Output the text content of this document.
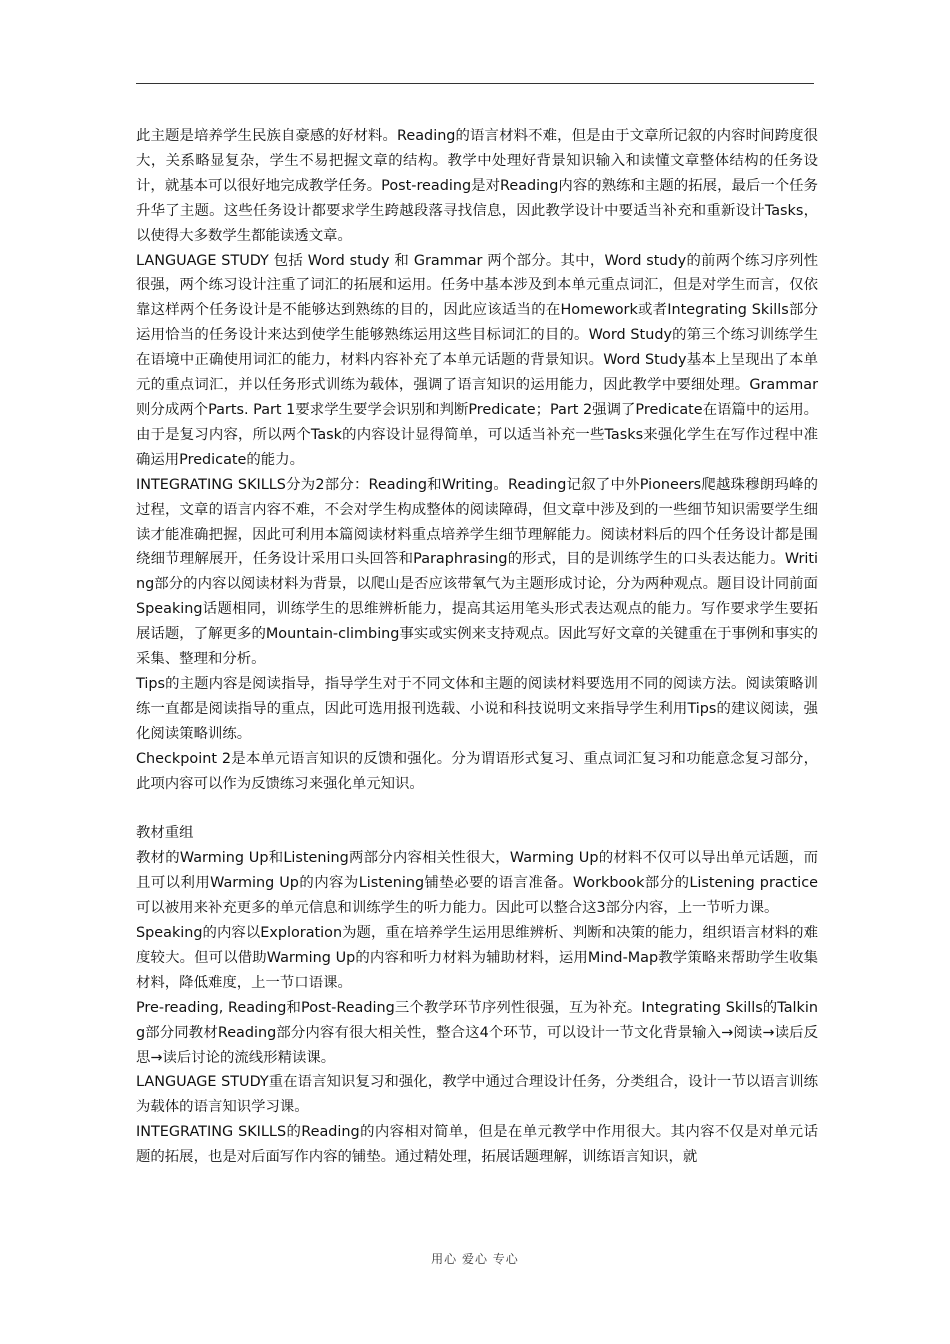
此主题是培养学生民族自豪感的好材料。Reading的语言材料不难，但是由于文章所记叙的内容时间跨度很大，关系略显复杂，学生不易把握文章的结构。教学中处理好背景知识输入和读懂文章整体结构的任务设计，就基本可以很好地完成教学任务。Post-reading是对Reading内容的熟练和主题的拓展，最后一个任务升华了主题。这些任务设计都要求学生跨越段落寻找信息，因此教学设计中要适当补充和重新设计Tasks，以使得大多数学生都能读透文章。

LANGUAGE STUDY 包括 Word study 和 Grammar 两个部分。其中，Word study的前两个练习序列性很强，两个练习设计注重了词汇的拓展和运用。任务中基本涉及到本单元重点词汇，但是对学生而言，仅依靠这样两个任务设计是不能够达到熟练的目的，因此应该适当的在Homework或者Integrating Skills部分运用恰当的任务设计来达到使学生能够熟练运用这些目标词汇的目的。Word Study的第三个练习训练学生在语境中正确使用词汇的能力，材料内容补充了本单元话题的背景知识。Word Study基本上呈现出了本单元的重点词汇，并以任务形式训练为载体，强调了语言知识的运用能力，因此教学中要细处理。Grammar则分成两个Parts. Part 1要求学生要学会识别和判断Predicate；Part 2强调了Predicate在语篇中的运用。由于是复习内容，所以两个Task的内容设计显得简单，可以适当补充一些Tasks来强化学生在写作过程中准确运用Predicate的能力。

INTEGRATING SKILLS分为2部分：Reading和Writing。Reading记叙了中外Pioneers爬越珠穆朗玛峰的过程，文章的语言内容不难，不会对学生构成整体的阅读障碍，但文章中涉及到的一些细节知识需要学生细读才能准确把握，因此可利用本篇阅读材料重点培养学生细节理解能力。阅读材料后的四个任务设计都是围绕细节理解展开，任务设计采用口头回答和Paraphrasing的形式，目的是训练学生的口头表达能力。Writing部分的内容以阅读材料为背景，以爬山是否应该带氧气为主题形成讨论，分为两种观点。题目设计同前面Speaking话题相同，训练学生的思维辨析能力，提高其运用笔头形式表达观点的能力。写作要求学生要拓展话题，了解更多的Mountain-climbing事实或实例来支持观点。因此写好文章的关键重在于事例和事实的采集、整理和分析。

Tips的主题内容是阅读指导，指导学生对于不同文体和主题的阅读材料要选用不同的阅读方法。阅读策略训练一直都是阅读指导的重点，因此可选用报刊选载、小说和科技说明文来指导学生利用Tips的建议阅读，强化阅读策略训练。

Checkpoint 2是本单元语言知识的反馈和强化。分为谓语形式复习、重点词汇复习和功能意念复习部分，此项内容可以作为反馈练习来强化单元知识。

教材重组

教材的Warming Up和Listening两部分内容相关性很大，Warming Up的材料不仅可以导出单元话题，而且可以利用Warming Up的内容为Listening铺垫必要的语言准备。Workbook部分的Listening practice可以被用来补充更多的单元信息和训练学生的听力能力。因此可以整合这3部分内容，上一节听力课。

Speaking的内容以Exploration为题，重在培养学生运用思维辨析、判断和决策的能力，组织语言材料的难度较大。但可以借助Warming Up的内容和听力材料为辅助材料，运用Mind-Map教学策略来帮助学生收集材料，降低难度，上一节口语课。

Pre-reading, Reading和Post-Reading三个教学环节序列性很强，互为补充。Integrating Skills的Talking部分同教材Reading部分内容有很大相关性，整合这4个环节，可以设计一节文化背景输入→阅读→读后反思→读后讨论的流线形精读课。

LANGUAGE STUDY重在语言知识复习和强化，教学中通过合理设计任务，分类组合，设计一节以语言训练为载体的语言知识学习课。

INTEGRATING SKILLS的Reading的内容相对简单，但是在单元教学中作用很大。其内容不仅是对单元话题的拓展，也是对后面写作内容的铺垫。通过精处理，拓展话题理解，训练语言知识，就

用心 爱心 专心
